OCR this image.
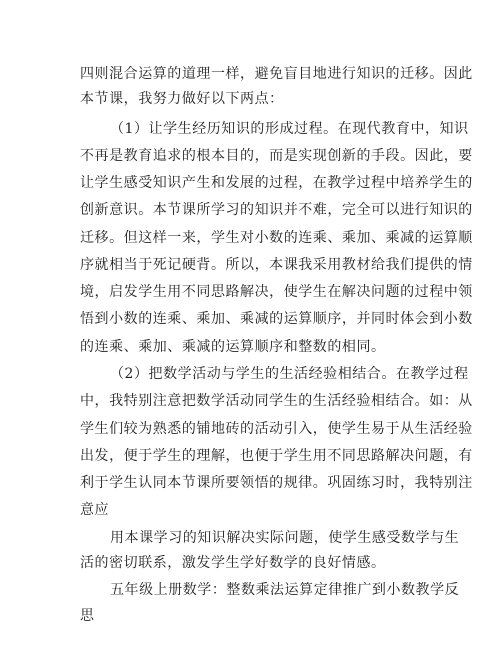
四则混合运算的道理一样，避免盲目地进行知识的迁移。因此
本节课，我努力做好以下两点：
（1）让学生经历知识的形成过程。在现代教育中，知识
不再是教育追求的根本目的，而是实现创新的手段。因此，要
让学生感受知识产生和发展的过程，在教学过程中培养学生的
创新意识。本节课所学习的知识并不难，完全可以进行知识的
迁移。但这样一来，学生对小数的连乘、乘加、乘减的运算顺
序就相当于死记硬背。所以，本课我采用教材给我们提供的情
境，启发学生用不同思路解决，使学生在解决问题的过程中领
悟到小数的连乘、乘加、乘减的运算顺序，并同时体会到小数
的连乘、乘加、乘减的运算顺序和整数的相同。
（2）把数学活动与学生的生活经验相结合。在教学过程
中，我特别注意把数学活动同学生的生活经验相结合。如：从
学生们较为熟悉的铺地砖的活动引入，使学生易于从生活经验
出发，便于学生的理解，也便于学生用不同思路解决问题，有
利于学生认同本节课所要领悟的规律。巩固练习时，我特别注
意应
用本课学习的知识解决实际问题，使学生感受数学与生
活的密切联系，激发学生学好数学的良好情感。
五年级上册数学：整数乘法运算定律推广到小数教学反
思
